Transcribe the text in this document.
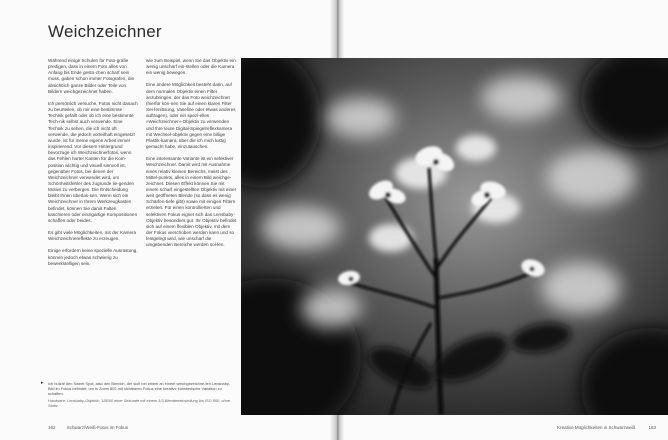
Weichzeichner

Während einige Schulen für Foto-grafie predigen, dass in einem Foto alles von Anfang bis Ende gesto-chen scharf sein muss, gaben schon immer Fotografen, die absichtlich ganze Bilder oder Teile von Bildern weichgezeichnet haben.

Ich persönlich versuche, Fotos nicht danach zu beurteilen, ob mir eine bestimmte Technik gefällt oder ob ich eine bestimmte Tech-nik selbst auch verwende. Eine Technik zu sehen, die ich nicht oft verwende, die jedoch vorteilhaft eingesetzt wurde, ist für meine eigene Arbeit immer inspirierend. Vor diesem Hintergrund bevorzuge ich Weichzeichnerfotos, wenn das Fehlen harter Kanten für die Kom-position wichtig und visuell sinnvoll ist, gegenüber Fotos, bei denen der Weichzeichner verwendet wird, um Schönheitsfehler des zugrunde lie-genden Motivs zu verbergen. Die Entscheidung bleibt Ihnen überlas-sen. Wenn sich ein Weichzeichner in Ihrem Werkzeugkasten befindet, können Sie damit Falten kaschieren oder einzigartige Kompositionen schaffen oder beides.

Es gibt viele Möglichkeiten, mit der Kamera Weichzeichnereffekte zu erzeugen.

Einige erfordern keine spezielle Ausrüstung, können jedoch etwas schwierig zu bewerkstelligen sein,

wie zum Beispiel, wenn Sie das Objektiv ein wenig unscharf ein-stellen oder die Kamera ein wenig bewegen.

Eine andere Möglichkeit besteht darin, auf dem normalen Objektiv einen Filter anzubringen, der das Foto weichzeichnet (hierfür kön-nen Sie auf einen klaren Filter Sei-fenlösung, Vaseline oder etwas anderes auftragen), oder ein spezi-elles »Weichzeichner«-Objektiv zu verwenden und Ihre teure Digital-Spiegelreflexkamera mit Wechsel-objektiv gegen eine billige Plastik-kamera, über die ich mich lustig gemacht habe, einzutauschen.

Eine interessante Variante ist ein selektiver Weichzeichner. Damit wird mit Ausnahme eines relativ kleinen Bereichs, meist des Mittel-punkts, alles in einem Bild weichge-zeichnet. Diesen Effekt können Sie mit einem scharf eingestellten Objektiv mit einer weit geöffneten Blende (so dass es wenig Schärfen-tiefe gibt) sowie mit einigen Filtern erzielen. Für einen kontrollierten und selektiven Fokus eignet sich das Lensbaby-Objektiv besonders gut. Ihr Objektiv befindet sich auf einem flexiblen Objektiv, mit dem der Fokus verschoben werden kann und so festgelegt wird, wie unscharf die umgebenden Bereiche werden sol-len.

▸ Ich nutzte den Sweet Spot, also den Bereich, der sich bei einem an einem weichgezeichne-ten Lensbaby-Bild im Fokus befindet, um in Zoom 802 mit sichtbaren Fokus eine kreative künstlerische Variation zu schaffen.

Hardware: Lensbaby-Objektiv, 1/8000 einer Sekunde mit einem 1/3-Blendeneinstellung bis ISO 800, ohne Stativ

162	Schwarz/Weiß-Fotos im Fokus	Kreative Möglichkeiten in Schwarzweiß	163
